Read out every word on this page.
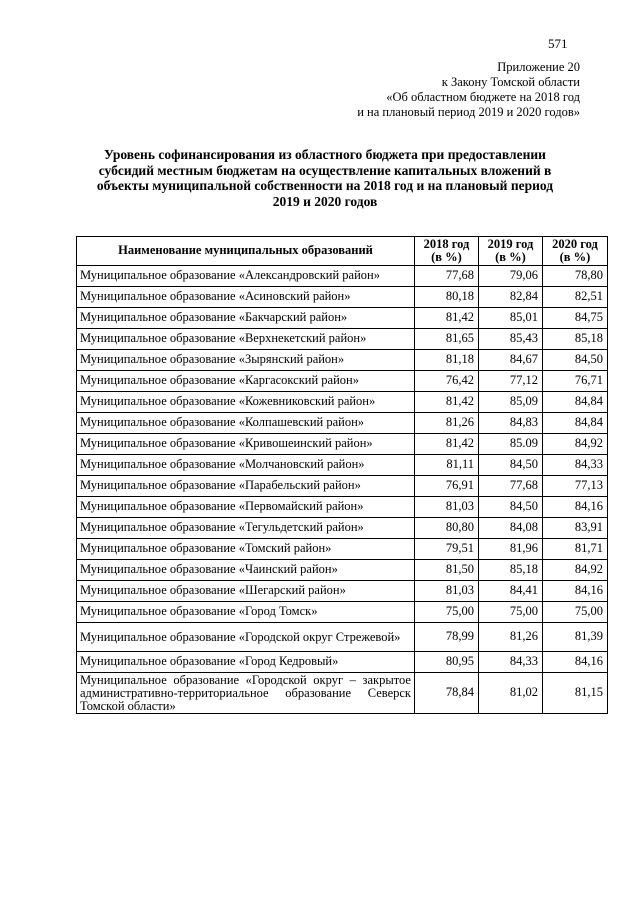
571
Приложение 20
к Закону Томской области
«Об областном бюджете на 2018 год
и на плановый период 2019 и 2020 годов»
Уровень софинансирования из областного бюджета при предоставлении
субсидий местным бюджетам на осуществление капитальных вложений в
объекты муниципальной собственности на 2018 год и на плановый период
2019 и 2020 годов
Наименование муниципальных образований	2018 год (в %)	2019 год (в %)	2020 год (в %)
Муниципальное образование «Александровский район»	77,68	79,06	78,80
Муниципальное образование «Асиновский район»	80,18	82,84	82,51
Муниципальное образование «Бакчарский район»	81,42	85,01	84,75
Муниципальное образование «Верхнекетский район»	81,65	85,43	85,18
Муниципальное образование «Зырянский район»	81,18	84,67	84,50
Муниципальное образование «Каргасокский район»	76,42	77,12	76,71
Муниципальное образование «Кожевниковский район»	81,42	85,09	84,84
Муниципальное образование «Колпашевский район»	81,26	84,83	84,84
Муниципальное образование «Кривошеинский район»	81,42	85.09	84,92
Муниципальное образование «Молчановский район»	81,11	84,50	84,33
Муниципальное образование «Парабельский район»	76,91	77,68	77,13
Муниципальное образование «Первомайский район»	81,03	84,50	84,16
Муниципальное образование «Тегульдетский район»	80,80	84,08	83,91
Муниципальное образование «Томский район»	79,51	81,96	81,71
Муниципальное образование «Чаинский район»	81,50	85,18	84,92
Муниципальное образование «Шегарский район»	81,03	84,41	84,16
Муниципальное образование «Город Томск»	75,00	75,00	75,00
Муниципальное образование «Городской округ Стрежевой»	78,99	81,26	81,39
Муниципальное образование «Город Кедровый»	80,95	84,33	84,16
Муниципальное образование «Городской округ – закрытое административно-территориальное образование Северск Томской области»	78,84	81,02	81,15
